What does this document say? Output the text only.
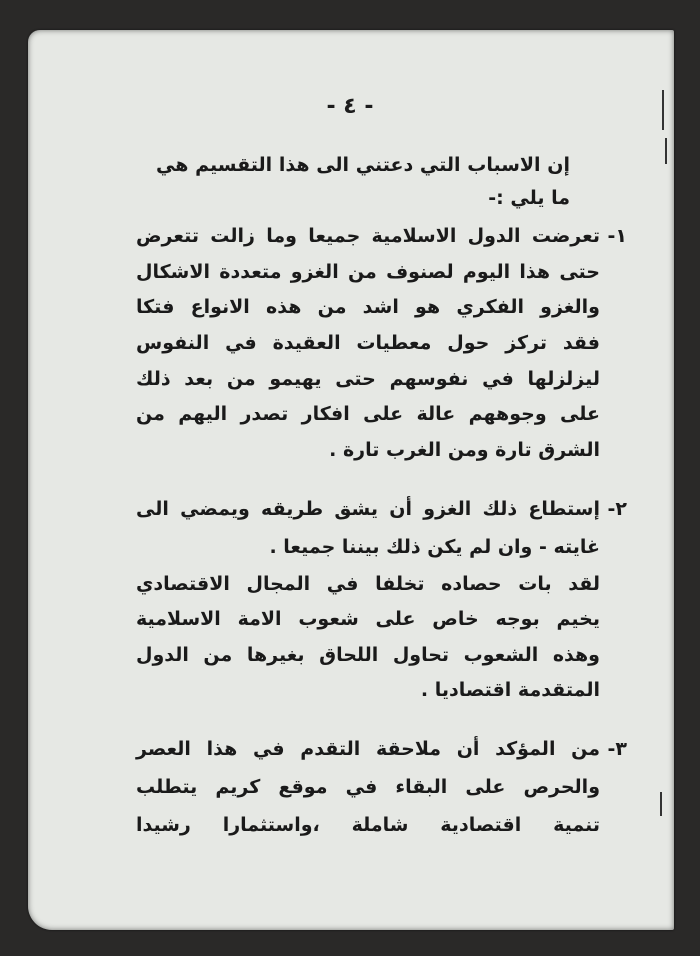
- ٤ -
إن الاسباب التي دعتني الى هذا التقسيم هي
ما يلي :-
١-
تعرضت الدول الاسلامية جميعا وما زالت تتعرض
حتى هذا اليوم لصنوف من الغزو متعددة الاشكال
والغزو الفكري هو اشد من هذه الانواع فتكا
فقد تركز حول معطيات العقيدة في النفوس
ليزلزلها في نفوسهم حتى يهيمو من بعد ذلك
على وجوههم عالة على افكار تصدر اليهم من
الشرق تارة ومن الغرب تارة .
٢-
إستطاع ذلك الغزو أن يشق طريقه ويمضي الى
غايته - وان لم يكن ذلك بيننا جميعا .
لقد بات حصاده تخلفا في المجال الاقتصادي
يخيم بوجه خاص على شعوب الامة الاسلامية
وهذه الشعوب تحاول اللحاق بغيرها من الدول
المتقدمة اقتصاديا .
٣-
من المؤكد أن ملاحقة التقدم في هذا العصر
والحرص على البقاء في موقع كريم يتطلب
تنمية اقتصادية شاملة ،واستثمارا رشيدا
